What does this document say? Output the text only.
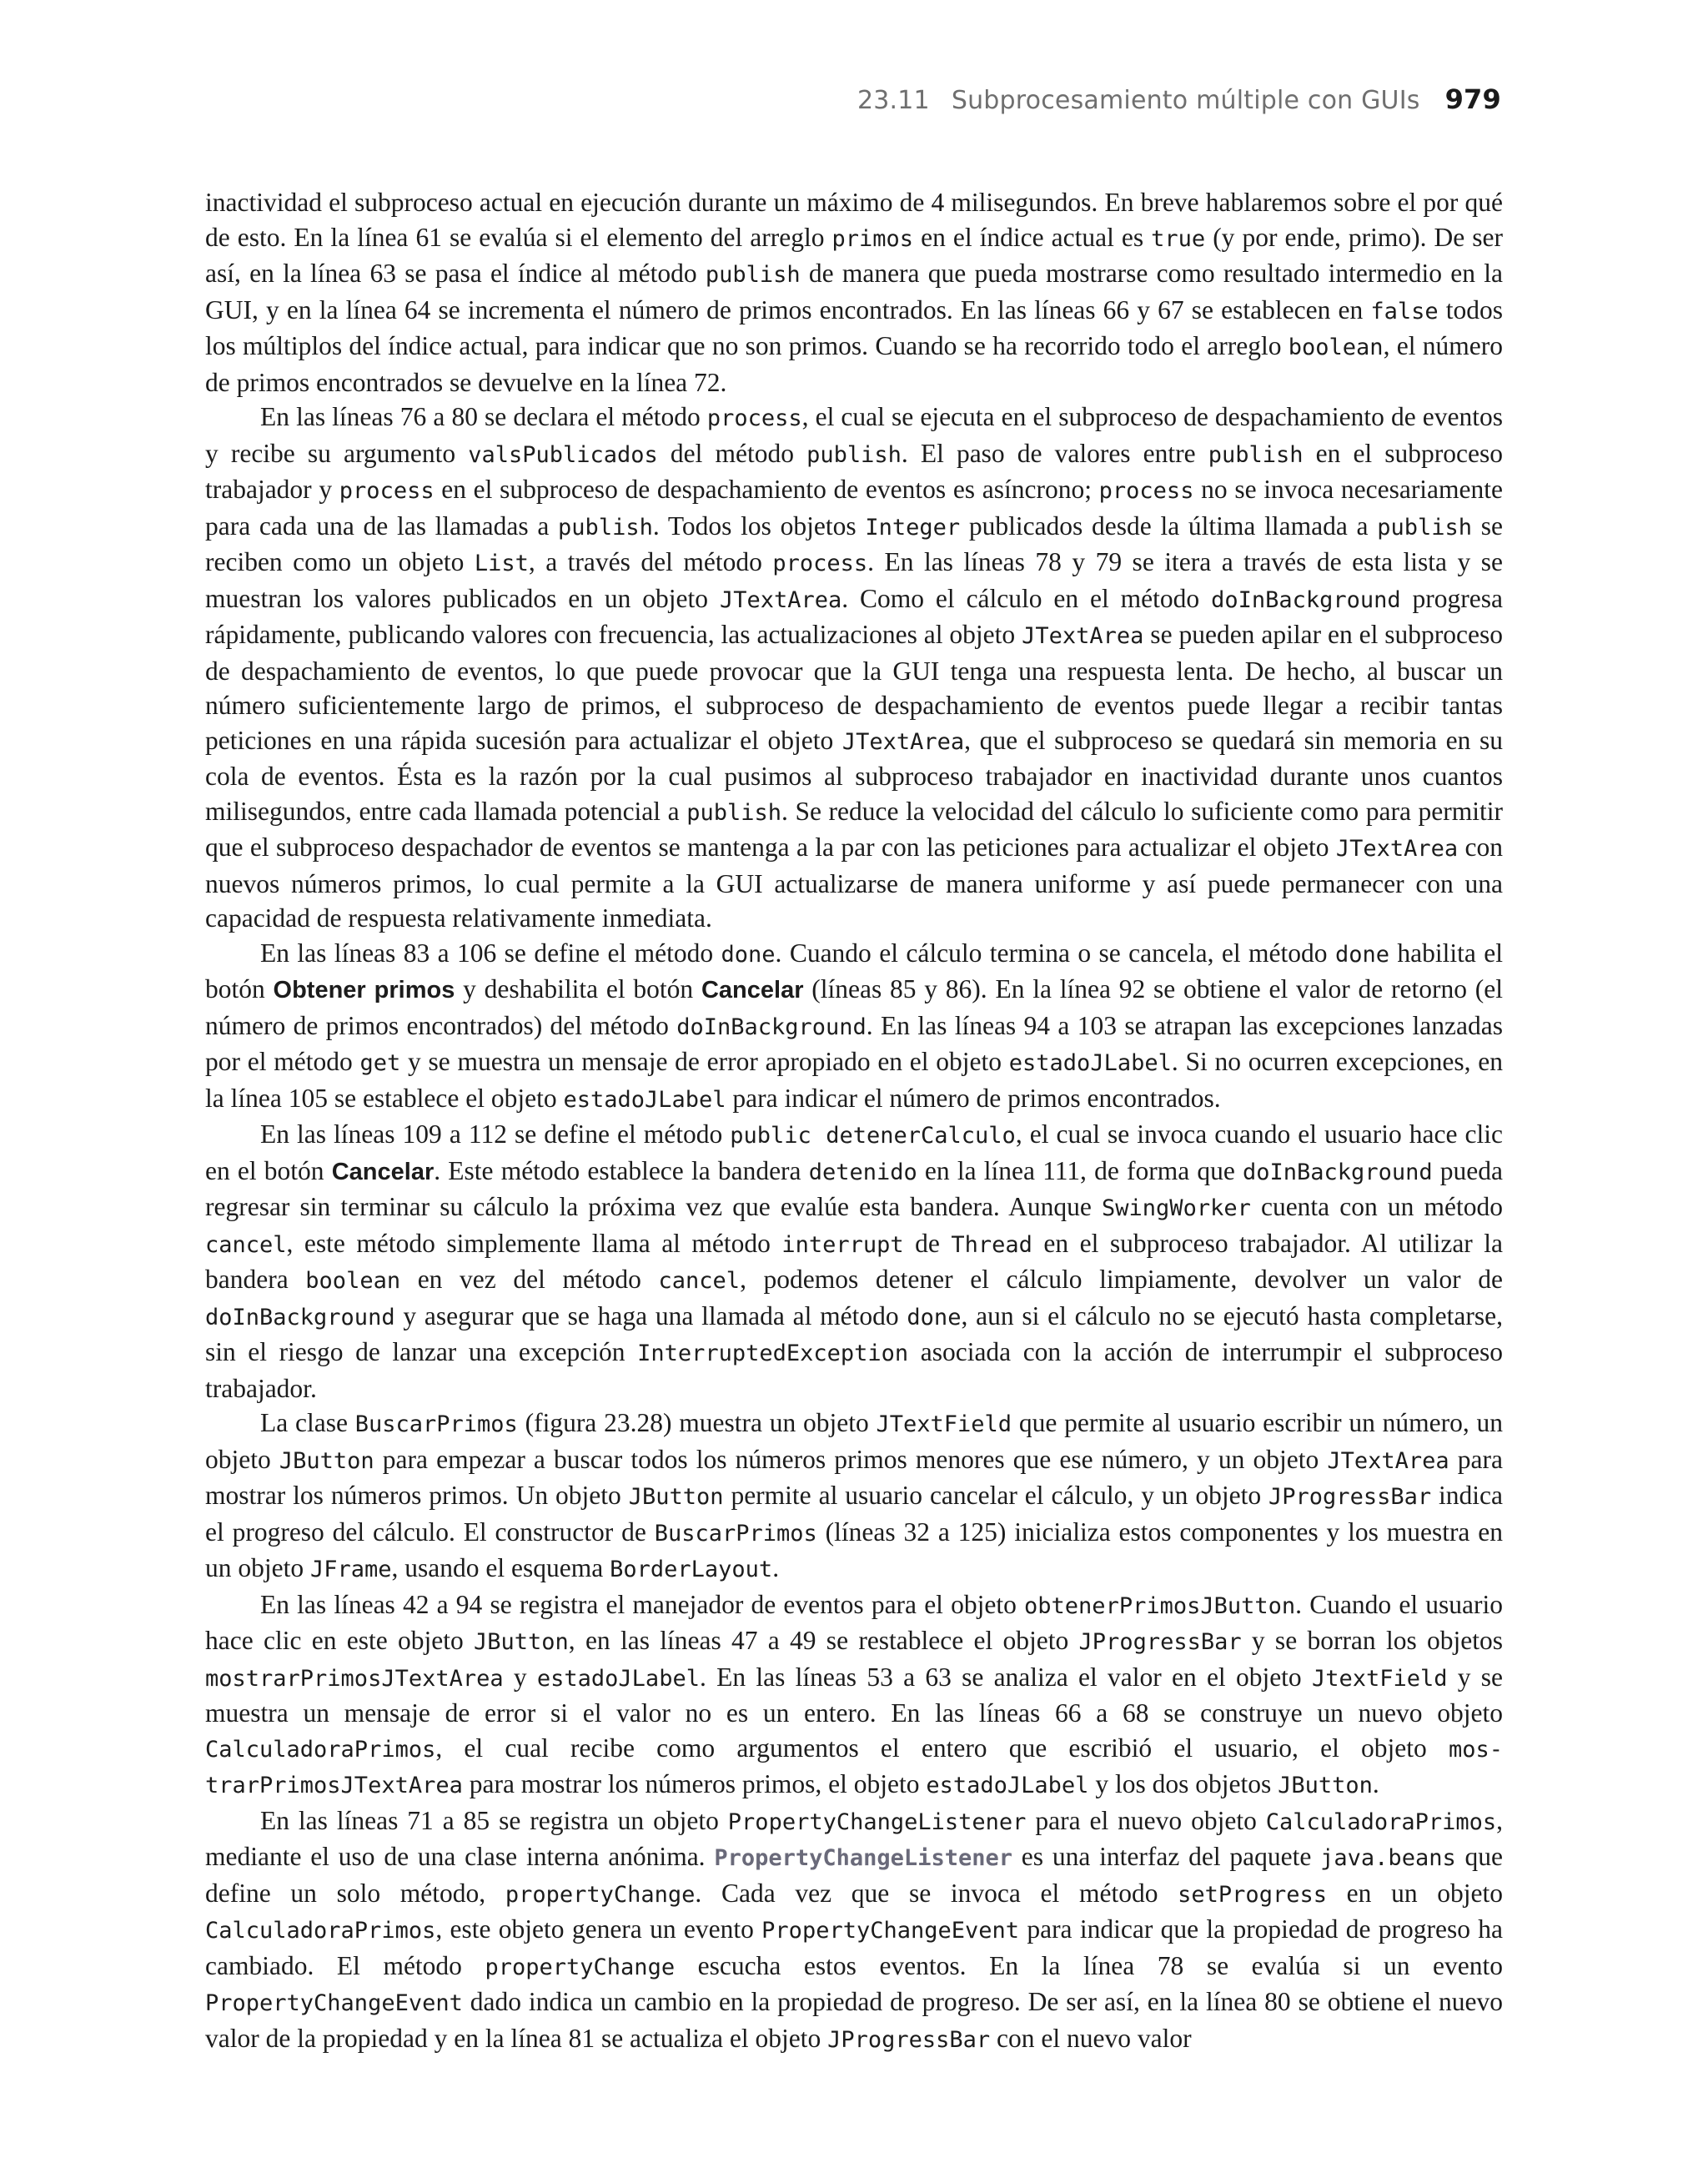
23.11 Subprocesamiento múltiple con GUIs 979

inactividad el subproceso actual en ejecución durante un máximo de 4 milisegundos. En breve hablaremos sobre el por qué de esto. En la línea 61 se evalúa si el elemento del arreglo primos en el índice actual es true (y por ende, primo). De ser así, en la línea 63 se pasa el índice al método publish de manera que pueda mostrarse como resultado intermedio en la GUI, y en la línea 64 se incrementa el número de primos encontrados. En las líneas 66 y 67 se establecen en false todos los múltiplos del índice actual, para indicar que no son primos. Cuando se ha recorrido todo el arreglo boolean, el número de primos encontrados se devuelve en la línea 72.

En las líneas 76 a 80 se declara el método process, el cual se ejecuta en el subproceso de despachamiento de eventos y recibe su argumento valsPublicados del método publish. El paso de valores entre publish en el subproceso trabajador y process en el subproceso de despachamiento de eventos es asíncrono; process no se invoca necesariamente para cada una de las llamadas a publish. Todos los objetos Integer publicados desde la última llamada a publish se reciben como un objeto List, a través del método process. En las líneas 78 y 79 se itera a través de esta lista y se muestran los valores publicados en un objeto JTextArea. Como el cálculo en el método doInBackground progresa rápidamente, publicando valores con frecuencia, las actualizaciones al objeto JTextArea se pueden apilar en el subproceso de despachamiento de eventos, lo que puede provocar que la GUI tenga una respuesta lenta. De hecho, al buscar un número suficientemente largo de primos, el subproceso de despachamiento de eventos puede llegar a recibir tantas peticiones en una rápida sucesión para actualizar el objeto JTextArea, que el subproceso se quedará sin memoria en su cola de eventos. Ésta es la razón por la cual pusimos al subproceso trabajador en inactividad durante unos cuantos milisegundos, entre cada llamada potencial a publish. Se reduce la velocidad del cálculo lo suficiente como para permitir que el subproceso despachador de eventos se mantenga a la par con las peticiones para actualizar el objeto JTextArea con nuevos números primos, lo cual permite a la GUI actualizarse de manera uniforme y así puede permanecer con una capacidad de respuesta relativamente inmediata.

En las líneas 83 a 106 se define el método done. Cuando el cálculo termina o se cancela, el método done habilita el botón Obtener primos y deshabilita el botón Cancelar (líneas 85 y 86). En la línea 92 se obtiene el valor de retorno (el número de primos encontrados) del método doInBackground. En las líneas 94 a 103 se atrapan las excepciones lanzadas por el método get y se muestra un mensaje de error apropiado en el objeto estadoJLabel. Si no ocurren excepciones, en la línea 105 se establece el objeto estadoJLabel para indicar el número de primos encontrados.

En las líneas 109 a 112 se define el método public detenerCalculo, el cual se invoca cuando el usuario hace clic en el botón Cancelar. Este método establece la bandera detenido en la línea 111, de forma que doInBackground pueda regresar sin terminar su cálculo la próxima vez que evalúe esta bandera. Aunque SwingWorker cuenta con un método cancel, este método simplemente llama al método interrupt de Thread en el subproceso trabajador. Al utilizar la bandera boolean en vez del método cancel, podemos detener el cálculo limpiamente, devolver un valor de doInBackground y asegurar que se haga una llamada al método done, aun si el cálculo no se ejecutó hasta completarse, sin el riesgo de lanzar una excepción InterruptedException asociada con la acción de interrumpir el subproceso trabajador.

La clase BuscarPrimos (figura 23.28) muestra un objeto JTextField que permite al usuario escribir un número, un objeto JButton para empezar a buscar todos los números primos menores que ese número, y un objeto JTextArea para mostrar los números primos. Un objeto JButton permite al usuario cancelar el cálculo, y un objeto JProgressBar indica el progreso del cálculo. El constructor de BuscarPrimos (líneas 32 a 125) inicializa estos componentes y los muestra en un objeto JFrame, usando el esquema BorderLayout.

En las líneas 42 a 94 se registra el manejador de eventos para el objeto obtenerPrimosJButton. Cuando el usuario hace clic en este objeto JButton, en las líneas 47 a 49 se restablece el objeto JProgressBar y se borran los objetos mostrarPrimosJTextArea y estadoJLabel. En las líneas 53 a 63 se analiza el valor en el objeto JtextField y se muestra un mensaje de error si el valor no es un entero. En las líneas 66 a 68 se construye un nuevo objeto CalculadoraPrimos, el cual recibe como argumentos el entero que escribió el usuario, el objeto mostrarPrimosJTextArea para mostrar los números primos, el objeto estadoJLabel y los dos objetos JButton.

En las líneas 71 a 85 se registra un objeto PropertyChangeListener para el nuevo objeto CalculadoraPrimos, mediante el uso de una clase interna anónima. PropertyChangeListener es una interfaz del paquete java.beans que define un solo método, propertyChange. Cada vez que se invoca el método setProgress en un objeto CalculadoraPrimos, este objeto genera un evento PropertyChangeEvent para indicar que la propiedad de progreso ha cambiado. El método propertyChange escucha estos eventos. En la línea 78 se evalúa si un evento PropertyChangeEvent dado indica un cambio en la propiedad de progreso. De ser así, en la línea 80 se obtiene el nuevo valor de la propiedad y en la línea 81 se actualiza el objeto JProgressBar con el nuevo valor
